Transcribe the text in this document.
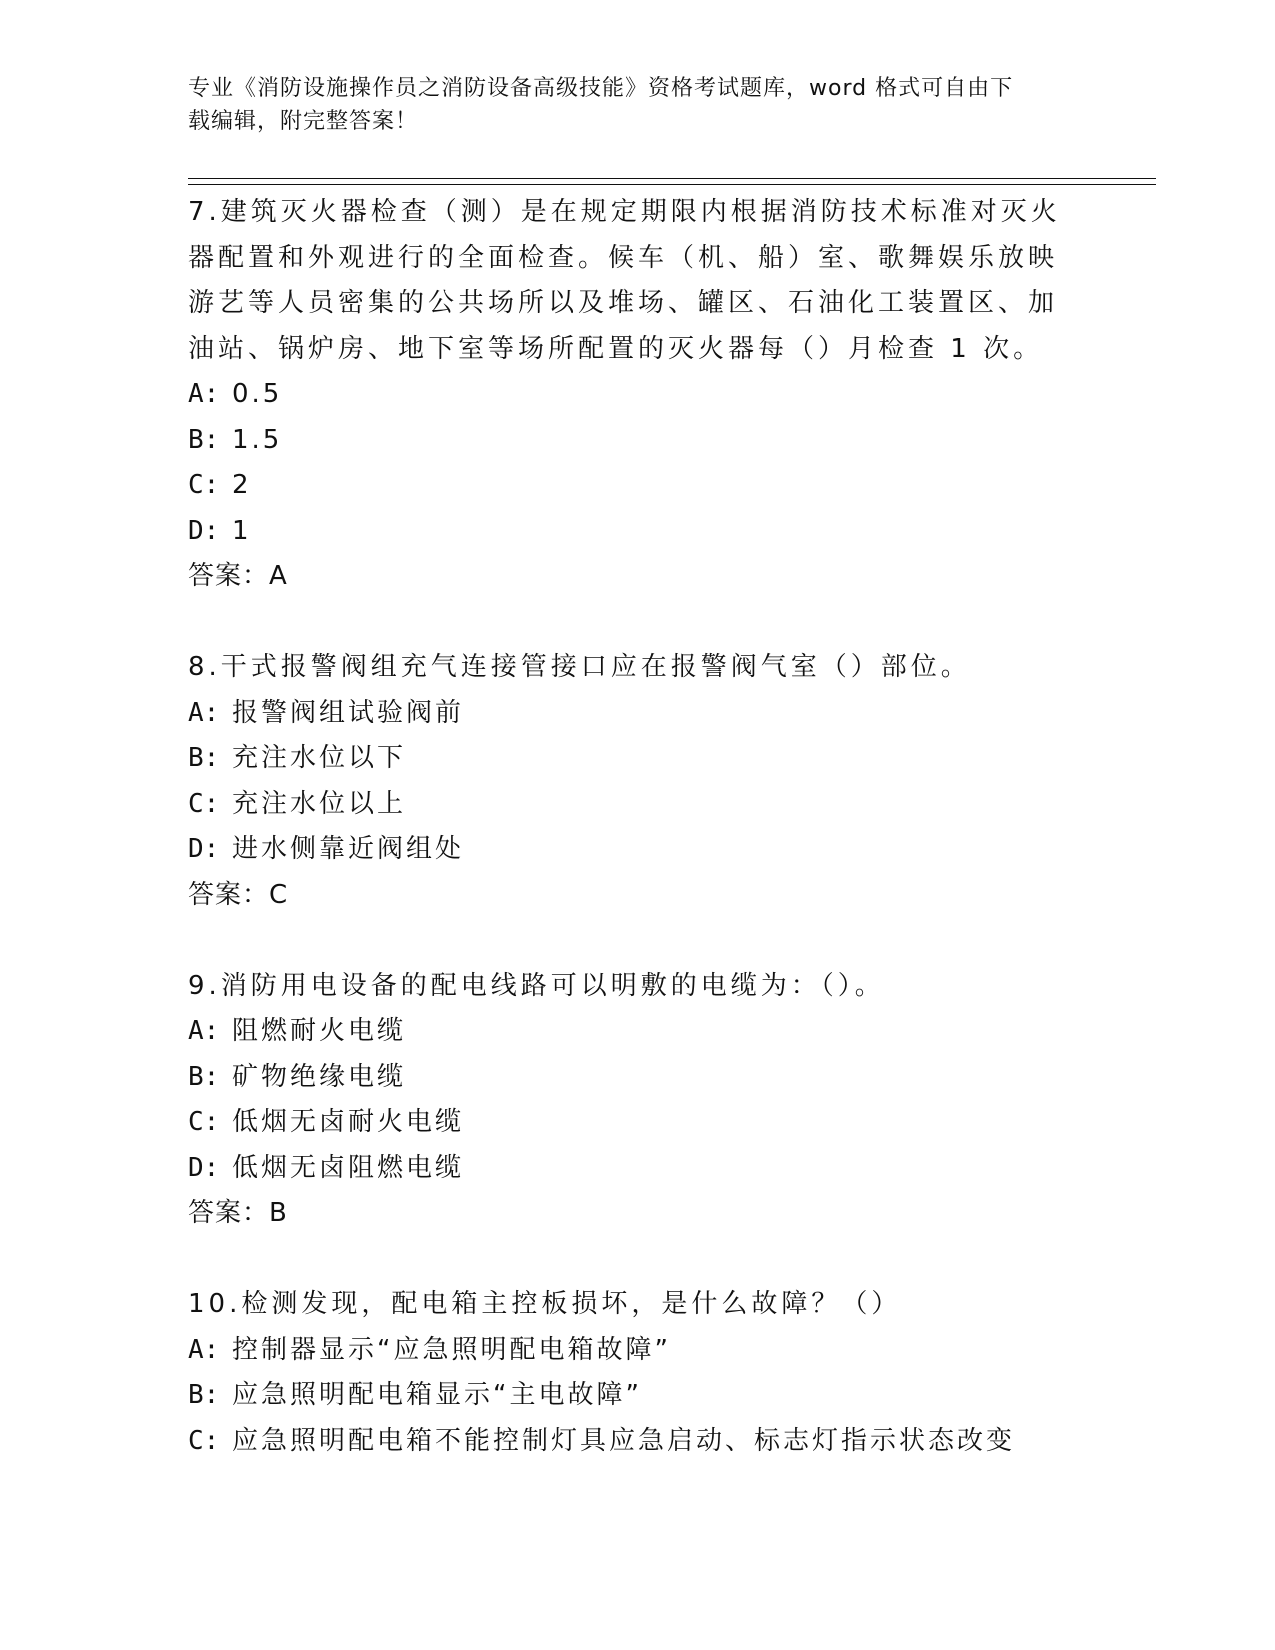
专业《消防设施操作员之消防设备高级技能》资格考试题库，word 格式可自由下
载编辑，附完整答案！
7.建筑灭火器检查（测）是在规定期限内根据消防技术标准对灭火器配置和外观进行的全面检查。候车（机、船）室、歌舞娱乐放映游艺等人员密集的公共场所以及堆场、罐区、石油化工装置区、加油站、锅炉房、地下室等场所配置的灭火器每（）月检查 1 次。
A: 0.5
B: 1.5
C: 2
D: 1
答案：A
8.干式报警阀组充气连接管接口应在报警阀气室（）部位。
A: 报警阀组试验阀前
B: 充注水位以下
C: 充注水位以上
D: 进水侧靠近阀组处
答案：C
9.消防用电设备的配电线路可以明敷的电缆为：（）。
A: 阻燃耐火电缆
B: 矿物绝缘电缆
C: 低烟无卤耐火电缆
D: 低烟无卤阻燃电缆
答案：B
10.检测发现，配电箱主控板损坏，是什么故障？（）
A: 控制器显示“应急照明配电箱故障”
B: 应急照明配电箱显示“主电故障”
C: 应急照明配电箱不能控制灯具应急启动、标志灯指示状态改变
